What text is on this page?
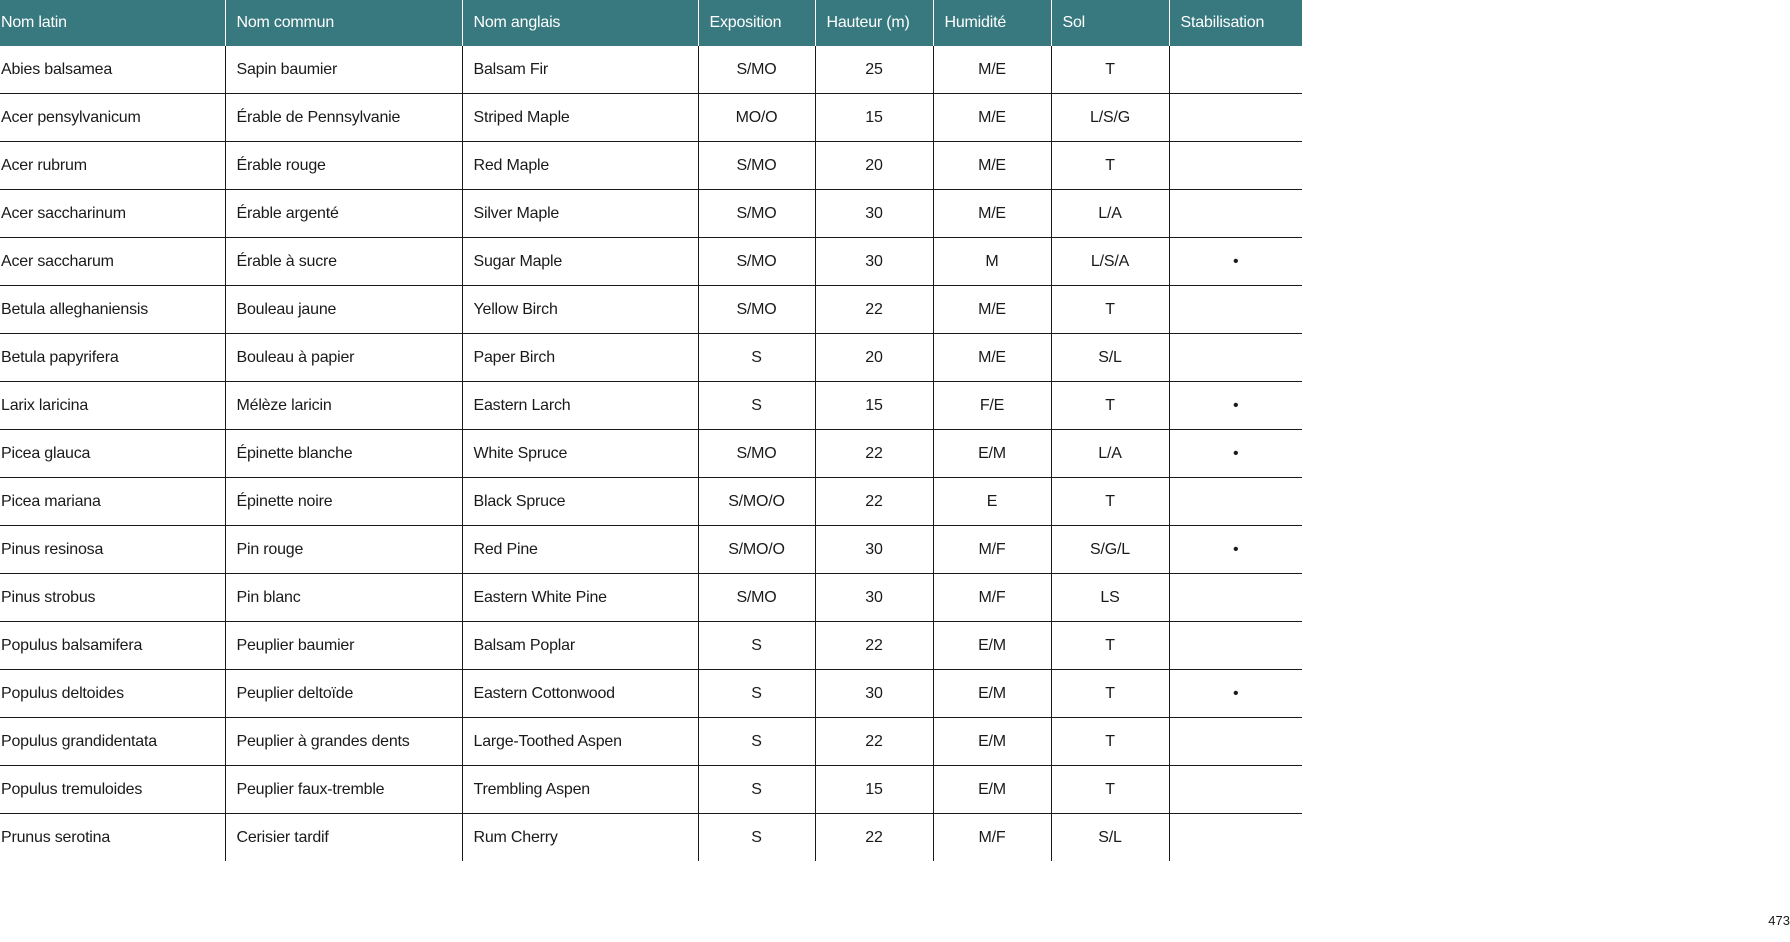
Nom latin	Nom commun	Nom anglais	Exposition	Hauteur (m)	Humidité	Sol	Stabilisation
Abies balsamea	Sapin baumier	Balsam Fir	S/MO	25	M/E	T	
Acer pensylvanicum	Érable de Pennsylvanie	Striped Maple	MO/O	15	M/E	L/S/G	
Acer rubrum	Érable rouge	Red Maple	S/MO	20	M/E	T	
Acer saccharinum	Érable argenté	Silver Maple	S/MO	30	M/E	L/A	
Acer saccharum	Érable à sucre	Sugar Maple	S/MO	30	M	L/S/A	•
Betula alleghaniensis	Bouleau jaune	Yellow Birch	S/MO	22	M/E	T	
Betula papyrifera	Bouleau à papier	Paper Birch	S	20	M/E	S/L	
Larix laricina	Mélèze laricin	Eastern Larch	S	15	F/E	T	•
Picea glauca	Épinette blanche	White Spruce	S/MO	22	E/M	L/A	•
Picea mariana	Épinette noire	Black Spruce	S/MO/O	22	E	T	
Pinus resinosa	Pin rouge	Red Pine	S/MO/O	30	M/F	S/G/L	•
Pinus strobus	Pin blanc	Eastern White Pine	S/MO	30	M/F	LS	
Populus balsamifera	Peuplier baumier	Balsam Poplar	S	22	E/M	T	
Populus deltoides	Peuplier deltoïde	Eastern Cottonwood	S	30	E/M	T	•
Populus grandidentata	Peuplier à grandes dents	Large-Toothed Aspen	S	22	E/M	T	
Populus tremuloides	Peuplier faux-tremble	Trembling Aspen	S	15	E/M	T	
Prunus serotina	Cerisier tardif	Rum Cherry	S	22	M/F	S/L	
473
